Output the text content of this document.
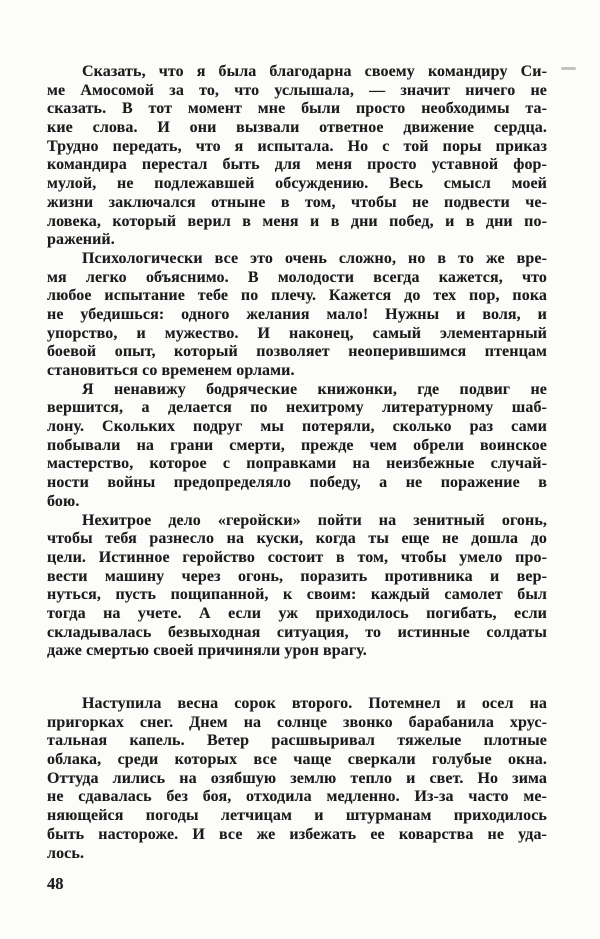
Сказать, что я была благодарна своему командиру Си-
ме Амосомой за то, что услышала, — значит ничего не
сказать. В тот момент мне были просто необходимы та-
кие слова. И они вызвали ответное движение сердца.
Трудно передать, что я испытала. Но с той поры приказ
командира перестал быть для меня просто уставной фор-
мулой, не подлежавшей обсуждению. Весь смысл моей
жизни заключался отныне в том, чтобы не подвести че-
ловека, который верил в меня и в дни побед, и в дни по-
ражений.
Психологически все это очень сложно, но в то же вре-
мя легко объяснимо. В молодости всегда кажется, что
любое испытание тебе по плечу. Кажется до тех пор, пока
не убедишься: одного желания мало! Нужны и воля, и
упорство, и мужество. И наконец, самый элементарный
боевой опыт, который позволяет неоперившимся птенцам
становиться со временем орлами.
Я ненавижу бодряческие книжонки, где подвиг не
вершится, а делается по нехитрому литературному шаб-
лону. Скольких подруг мы потеряли, сколько раз сами
побывали на грани смерти, прежде чем обрели воинское
мастерство, которое с поправками на неизбежные случай-
ности войны предопределяло победу, а не поражение в
бою.
Нехитрое дело «геройски» пойти на зенитный огонь,
чтобы тебя разнесло на куски, когда ты еще не дошла до
цели. Истинное геройство состоит в том, чтобы умело про-
вести машину через огонь, поразить противника и вер-
нуться, пусть пощипанной, к своим: каждый самолет был
тогда на учете. А если уж приходилось погибать, если
складывалась безвыходная ситуация, то истинные солдаты
даже смертью своей причиняли урон врагу.
Наступила весна сорок второго. Потемнел и осел на
пригорках снег. Днем на солнце звонко барабанила хрус-
тальная капель. Ветер расшвыривал тяжелые плотные
облака, среди которых все чаще сверкали голубые окна.
Оттуда лились на озябшую землю тепло и свет. Но зима
не сдавалась без боя, отходила медленно. Из-за часто ме-
няющейся погоды летчицам и штурманам приходилось
быть настороже. И все же избежать ее коварства не уда-
лось.
48
